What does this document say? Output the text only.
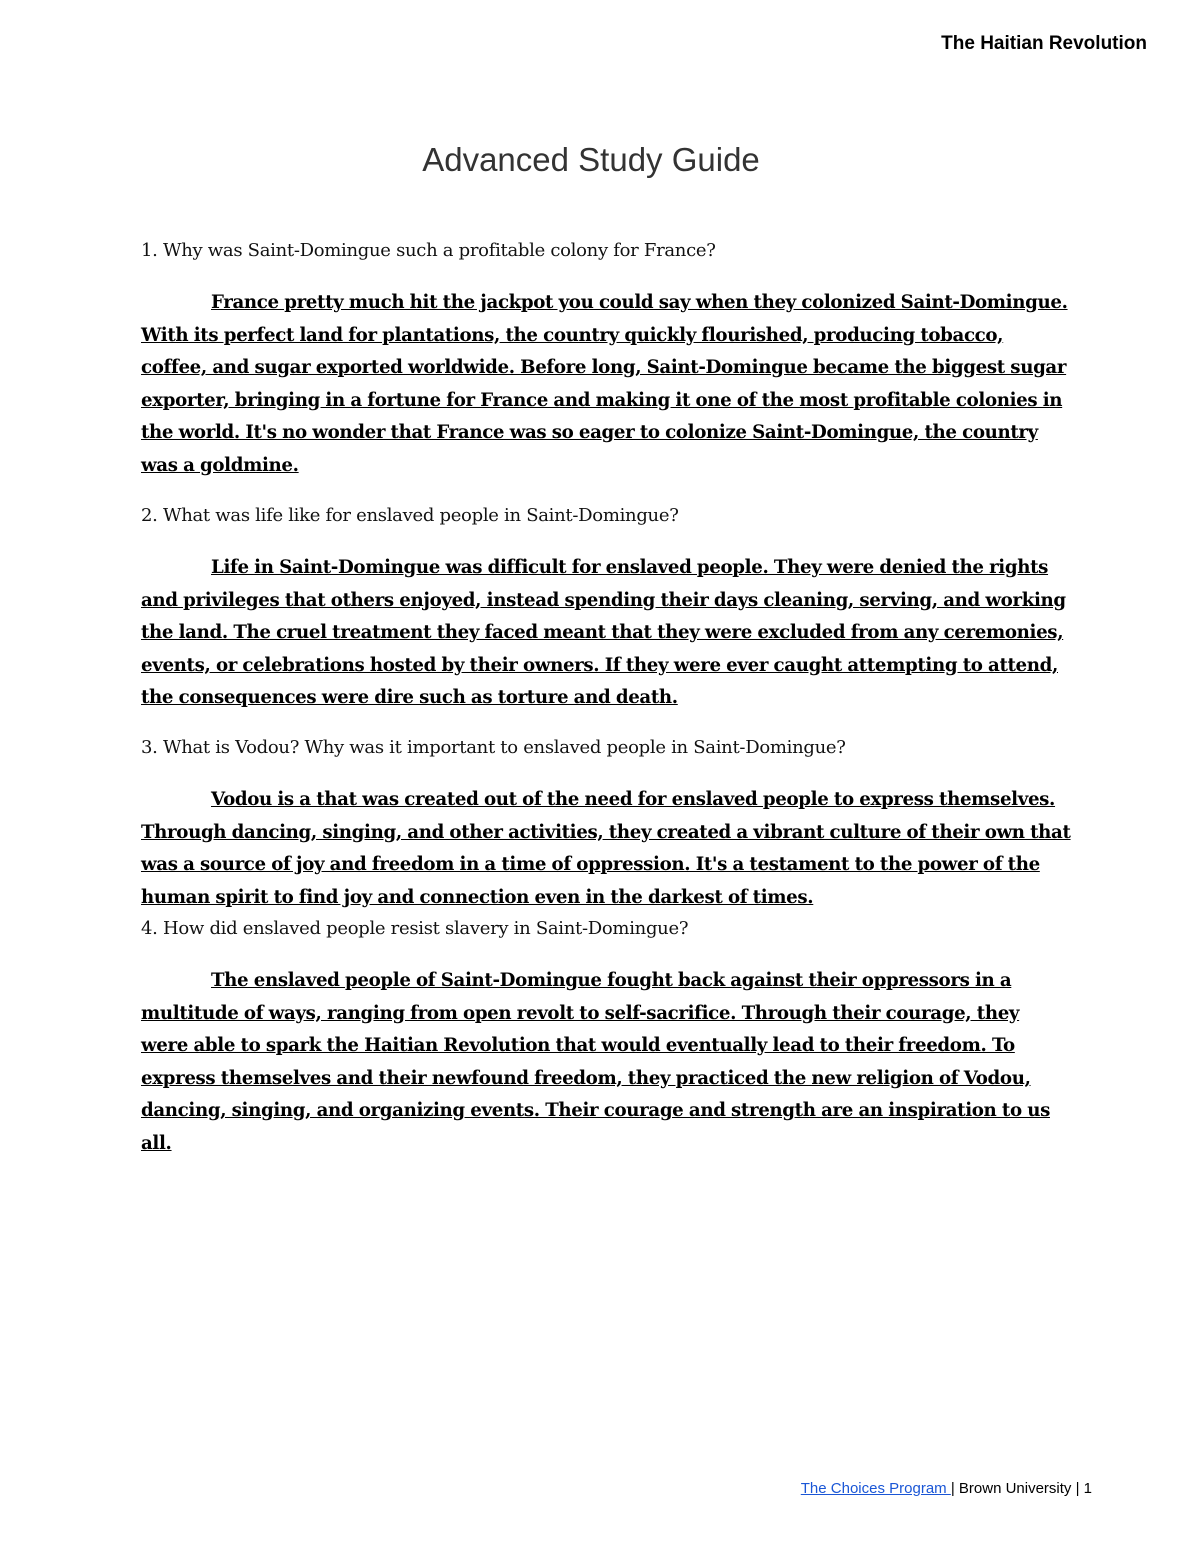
The Haitian Revolution
Advanced Study Guide
1. Why was Saint-Domingue such a profitable colony for France?

France pretty much hit the jackpot you could say when they colonized Saint-Domingue. With its perfect land for plantations, the country quickly flourished, producing tobacco, coffee, and sugar exported worldwide. Before long, Saint-Domingue became the biggest sugar exporter, bringing in a fortune for France and making it one of the most profitable colonies in the world. It's no wonder that France was so eager to colonize Saint-Domingue, the country was a goldmine.

2. What was life like for enslaved people in Saint-Domingue?

Life in Saint-Domingue was difficult for enslaved people. They were denied the rights and privileges that others enjoyed, instead spending their days cleaning, serving, and working the land. The cruel treatment they faced meant that they were excluded from any ceremonies, events, or celebrations hosted by their owners. If they were ever caught attempting to attend, the consequences were dire such as torture and death.

3. What is Vodou? Why was it important to enslaved people in Saint-Domingue?

Vodou is a that was created out of the need for enslaved people to express themselves. Through dancing, singing, and other activities, they created a vibrant culture of their own that was a source of joy and freedom in a time of oppression. It's a testament to the power of the human spirit to find joy and connection even in the darkest of times.

4. How did enslaved people resist slavery in Saint-Domingue?

The enslaved people of Saint-Domingue fought back against their oppressors in a multitude of ways, ranging from open revolt to self-sacrifice. Through their courage, they were able to spark the Haitian Revolution that would eventually lead to their freedom. To express themselves and their newfound freedom, they practiced the new religion of Vodou, dancing, singing, and organizing events. Their courage and strength are an inspiration to us all.

The Choices Program | Brown University | 1
